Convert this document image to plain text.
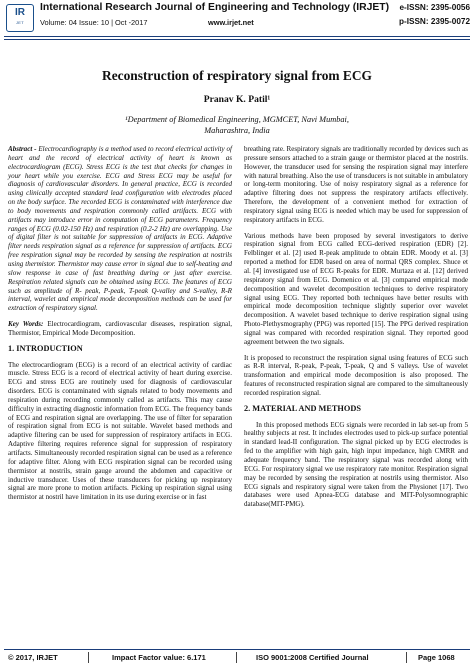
IR
JET
International Research Journal of Engineering and Technology (IRJET) e-ISSN: 2395-0056
p-ISSN: 2395-0072
Volume: 04 Issue: 10 | Oct -2017	www.irjet.net
Reconstruction of respiratory signal from ECG
Pranav K. Patil¹
¹Department of Biomedical Engineering, MGMCET, Navi Mumbai,
Maharashtra, India

Abstract - Electrocardiography is a method used to record electrical activity of heart and the record of electrical activity of heart is known as electrocardiogram (ECG). Stress ECG is the test that checks for changes in your heart while you exercise. ECG and Stress ECG may be useful for diagnosis of cardiovascular disorders. In general practice, ECG is recorded using clinically accepted standard lead configuration with electrodes placed on the body surface. The recorded ECG is contaminated with interference due to body movements and respiration commonly called artifacts. ECG with artifacts may introduce error in computation of ECG parameters. Frequency ranges of ECG (0.02-150 Hz) and respiration (0.2-2 Hz) are overlapping. Use of digital filter is not suitable for suppression of artifacts in ECG. Adaptive filter needs respiration signal as a reference for suppression of artifacts. ECG free respiration signal may be recorded by sensing the respiration at nostrils using thermistor. Thermistor may cause error in signal due to self-heating and slow response in case of fast breathing during or just after exercise. Respiration related signals can be obtained using ECG. The features of ECG such as amplitude of R- peak, P-peak, T-peak Q-valley and S-valley, R-R interval, wavelet and empirical mode decomposition methods can be used for extraction of respiratory signal.

Key Words: Electrocardiogram, cardiovascular diseases, respiration signal, Thermistor, Empirical Mode Decomposition.

1. INTRODUCTION

The electrocardiogram (ECG) is a record of an electrical activity of cardiac muscle. Stress ECG is a record of electrical activity of heart during exercise. ECG and stress ECG are routinely used for diagnosis of cardiovascular disorders. ECG is contaminated with signals related to body movements and respiration during recording commonly called as artifacts. This may cause difficulty in extracting diagnostic information from ECG. The frequency bands of ECG and respiration signal are overlapping. The use of filter for separation of respiration signal from ECG is not suitable. Wavelet based methods and adaptive filtering can be used for suppression of respiratory artifacts in ECG. Adaptive filtering requires reference signal for suppression of respiratory artifacts. Simultaneously recorded respiration signal can be used as a reference for adaptive filter. Along with ECG respiration signal can be recorded using thermistor at nostrils, strain gauge around the abdomen and capacitive or inductive transducer. Uses of these transducers for picking up respiratory signal are more prone to motion artifacts. Picking up respiration signal using thermistor at nostril have limitation in its use during exercise or in fast

breathing rate. Respiratory signals are traditionally recorded by devices such as pressure sensors attached to a strain gauge or thermistor placed at the nostrils. However, the transducer used for sensing the respiration signal may interfere with natural breathing. Also the use of transducers is not suitable in ambulatory or long-term monitoring. Use of noisy respiratory signal as a reference for adaptive filtering does not suppress the respiratory artifacts effectively. Therefore, the development of a convenient method for extraction of respiratory signal using ECG is needed which may be used for suppression of respiratory artifacts in ECG.

Various methods have been proposed by several investigators to derive respiration signal from ECG called ECG-derived respiration (EDR) [2]. Felblinger et al. [2] used R-peak amplitude to obtain EDR. Moody et al. [3] reported a method for EDR based on area of normal QRS complex. Shuce et al. [4] investigated use of ECG R-peaks for EDR. Murtaza et al. [12] derived respiratory signal from ECG. Domenico et al. [3] compared empirical mode decomposition and wavelet decomposition techniques to derive respiratory signal using ECG. They reported both techniques have better results with empirical mode decomposition technique slightly superior over wavelet decomposition. A wavelet based technique to derive respiration signal using Photo-Plethysmography (PPG) was reported [15]. The PPG derived respiration signal was compared with recorded respiration signal. They reported good agreement between the two signals.

It is proposed to reconstruct the respiration signal using features of ECG such as R-R interval, R-peak, P-peak, T-peak, Q and S valleys. Use of wavelet transformation and empirical mode decomposition is also proposed. The features of reconstructed respiration signal are compared to the simultaneously recorded respiration signal.

2. MATERIAL AND METHODS

In this proposed methods ECG signals were recorded in lab set-up from 5 healthy subjects at rest. It includes electrodes used to pick-up surface potential in standard lead-II configuration. The signal picked up by ECG electrodes is fed to the amplifier with high gain, high input impedance, high CMRR and adequate frequency band. The respiratory signal was recorded along with ECG. For respiratory signal we use respiratory rate monitor. Respiration signal may be recorded by sensing the respiration at nostrils using thermistor. Also ECG signals and respiratory signal were taken from the Physionet [17]. Two databases were used Apnea-ECG database and MIT-Polysomnographic database(MIT-PMG).

© 2017, IRJET	Impact Factor value: 6.171	ISO 9001:2008 Certified Journal	Page 1068
